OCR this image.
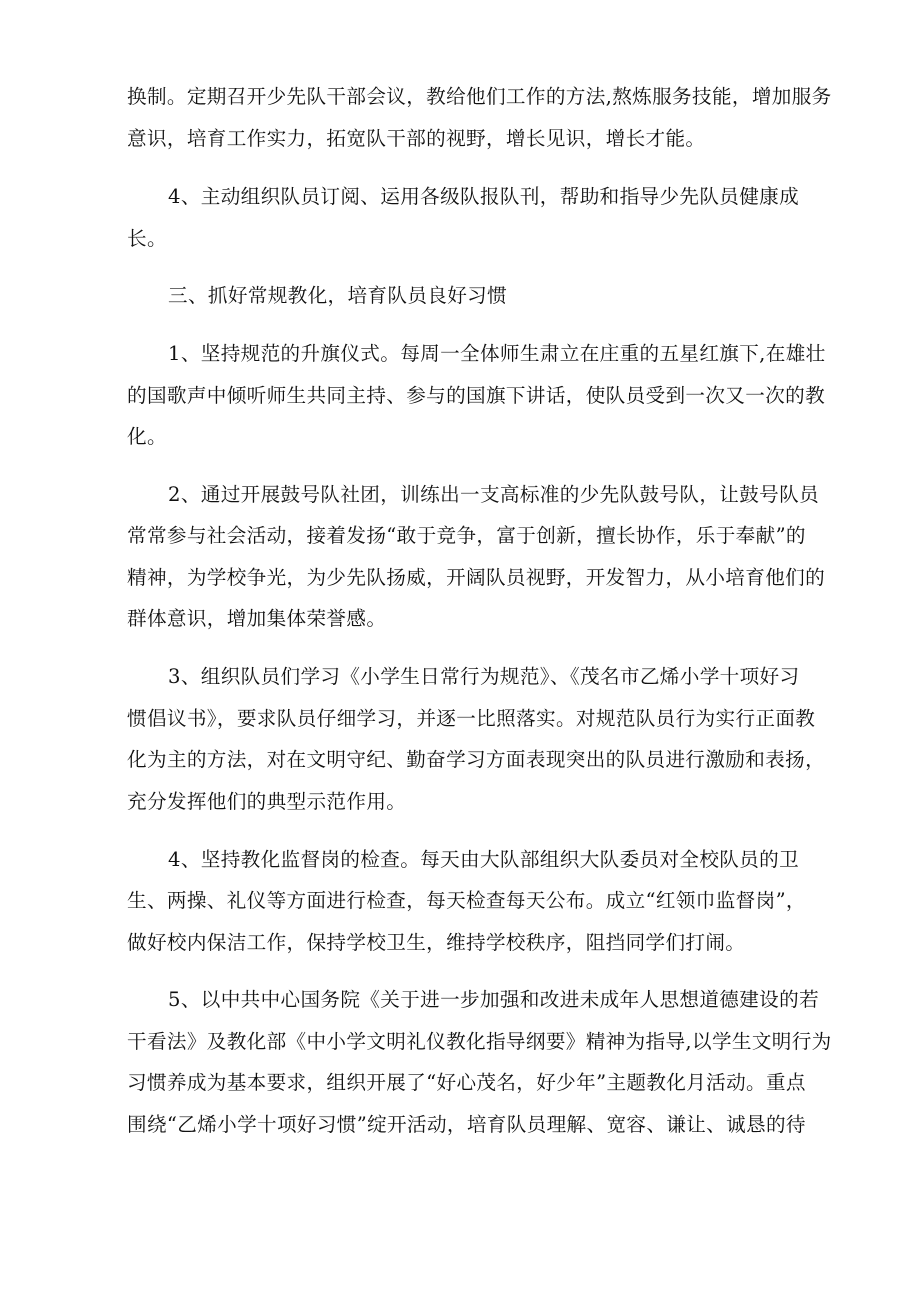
换制。定期召开少先队干部会议，教给他们工作的方法,熬炼服务技能，增加服务
意识，培育工作实力，拓宽队干部的视野，增长见识，增长才能。
4、主动组织队员订阅、运用各级队报队刊，帮助和指导少先队员健康成
长。
三、抓好常规教化，培育队员良好习惯
1、坚持规范的升旗仪式。每周一全体师生肃立在庄重的五星红旗下,在雄壮
的国歌声中倾听师生共同主持、参与的国旗下讲话，使队员受到一次又一次的教
化。
2、通过开展鼓号队社团，训练出一支高标准的少先队鼓号队，让鼓号队员
常常参与社会活动，接着发扬“敢于竞争，富于创新，擅长协作，乐于奉献”的
精神，为学校争光，为少先队扬威，开阔队员视野，开发智力，从小培育他们的
群体意识，增加集体荣誉感。
3、组织队员们学习《小学生日常行为规范》、《茂名市乙烯小学十项好习
惯倡议书》，要求队员仔细学习，并逐一比照落实。对规范队员行为实行正面教
化为主的方法，对在文明守纪、勤奋学习方面表现突出的队员进行激励和表扬，
充分发挥他们的典型示范作用。
4、坚持教化监督岗的检查。每天由大队部组织大队委员对全校队员的卫
生、两操、礼仪等方面进行检查，每天检查每天公布。成立“红领巾监督岗”，
做好校内保洁工作，保持学校卫生，维持学校秩序，阻挡同学们打闹。
5、以中共中心国务院《关于进一步加强和改进未成年人思想道德建设的若
干看法》及教化部《中小学文明礼仪教化指导纲要》精神为指导,以学生文明行为
习惯养成为基本要求，组织开展了“好心茂名，好少年”主题教化月活动。重点
围绕“乙烯小学十项好习惯”绽开活动，培育队员理解、宽容、谦让、诚恳的待
